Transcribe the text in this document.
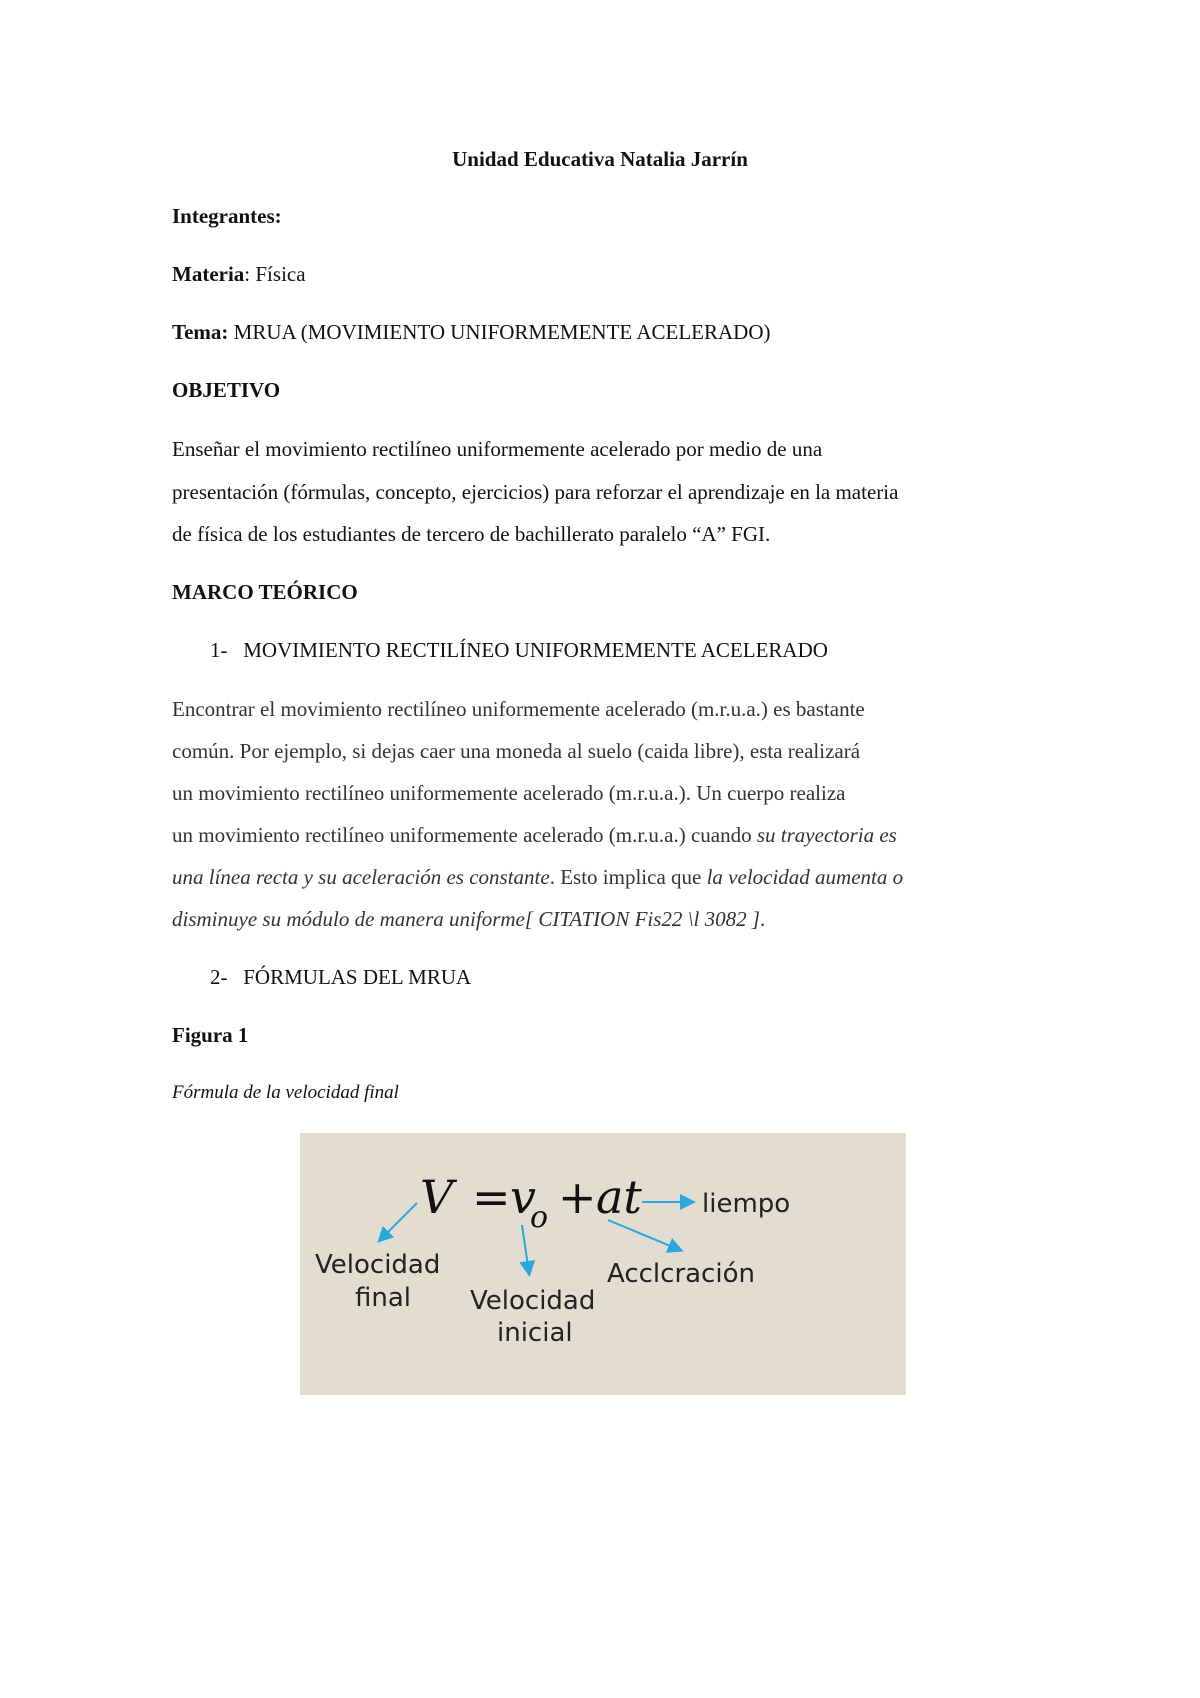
Unidad Educativa Natalia Jarrín
Integrantes:
Materia: Física
Tema: MRUA (MOVIMIENTO UNIFORMEMENTE ACELERADO)
OBJETIVO
Enseñar el movimiento rectilíneo uniformemente acelerado por medio de una
presentación (fórmulas, concepto, ejercicios) para reforzar el aprendizaje en la materia
de física de los estudiantes de tercero de bachillerato paralelo “A” FGI.
MARCO TEÓRICO
1- MOVIMIENTO RECTILÍNEO UNIFORMEMENTE ACELERADO
Encontrar el movimiento rectilíneo uniformemente acelerado (m.r.u.a.) es bastante
común. Por ejemplo, si dejas caer una moneda al suelo (caida libre), esta realizará
un movimiento rectilíneo uniformemente acelerado (m.r.u.a.). Un cuerpo realiza
un movimiento rectilíneo uniformemente acelerado (m.r.u.a.) cuando su trayectoria es
una línea recta y su aceleración es constante. Esto implica que la velocidad aumenta o
disminuye su módulo de manera uniforme[ CITATION Fis22 \l 3082 ].
2- FÓRMULAS DEL MRUA
Figura 1
Fórmula de la velocidad final
V = v
o + at liempo
Velocidad
final Velocidad
inicial
Acclcración
